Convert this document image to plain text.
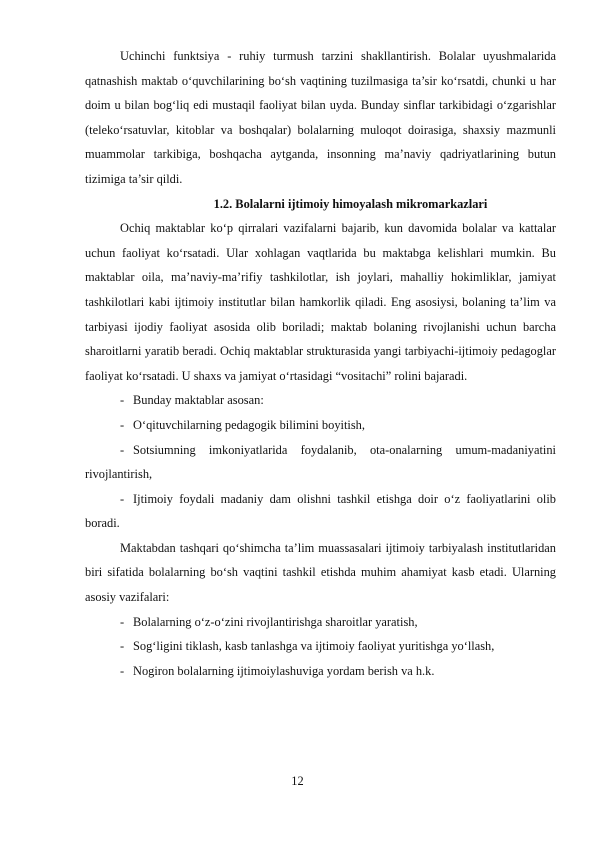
Uchinchi funktsiya - ruhiy turmush tarzini shakllantirish. Bolalar uyushmalarida qatnashish maktab o‘quvchilarining bo‘sh vaqtining tuzilmasiga ta’sir ko‘rsatdi, chunki u har doim u bilan bog‘liq edi mustaqil faoliyat bilan uyda. Bunday sinflar tarkibidagi o‘zgarishlar (teleko‘rsatuvlar, kitoblar va boshqalar) bolalarning muloqot doirasiga, shaxsiy mazmunli muammolar tarkibiga, boshqacha aytganda, insonning ma’naviy qadriyatlarining butun tizimiga ta’sir qildi.

1.2. Bolalarni ijtimoiy himoyalash mikromarkazlari

Ochiq maktablar ko‘p qirralari vazifalarni bajarib, kun davomida bolalar va kattalar uchun faoliyat ko‘rsatadi. Ular xohlagan vaqtlarida bu maktabga kelishlari mumkin. Bu maktablar oila, ma’naviy-ma’rifiy tashkilotlar, ish joylari, mahalliy hokimliklar, jamiyat tashkilotlari kabi ijtimoiy institutlar bilan hamkorlik qiladi. Eng asosiysi, bolaning ta’lim va tarbiyasi ijodiy faoliyat asosida olib boriladi; maktab bolaning rivojlanishi uchun barcha sharoitlarni yaratib beradi. Ochiq maktablar strukturasida yangi tarbiyachi-ijtimoiy pedagoglar faoliyat ko‘rsatadi. U shaxs va jamiyat o‘rtasidagi “vositachi” rolini bajaradi.

- Bunday maktablar asosan:
- O‘qituvchilarning pedagogik bilimini boyitish,
- Sotsiumning imkoniyatlarida foydalanib, ota-onalarning umum-madaniyatini rivojlantirish,
- Ijtimoiy foydali madaniy dam olishni tashkil etishga doir o‘z faoliyatlarini olib boradi.

Maktabdan tashqari qo‘shimcha ta’lim muassasalari ijtimoiy tarbiyalash institutlaridan biri sifatida bolalarning bo‘sh vaqtini tashkil etishda muhim ahamiyat kasb etadi. Ularning asosiy vazifalari:

- Bolalarning o‘z-o‘zini rivojlantirishga sharoitlar yaratish,
- Sog‘ligini tiklash, kasb tanlashga va ijtimoiy faoliyat yuritishga yo‘llash,
- Nogiron bolalarning ijtimoiylashuviga yordam berish va h.k.
12
